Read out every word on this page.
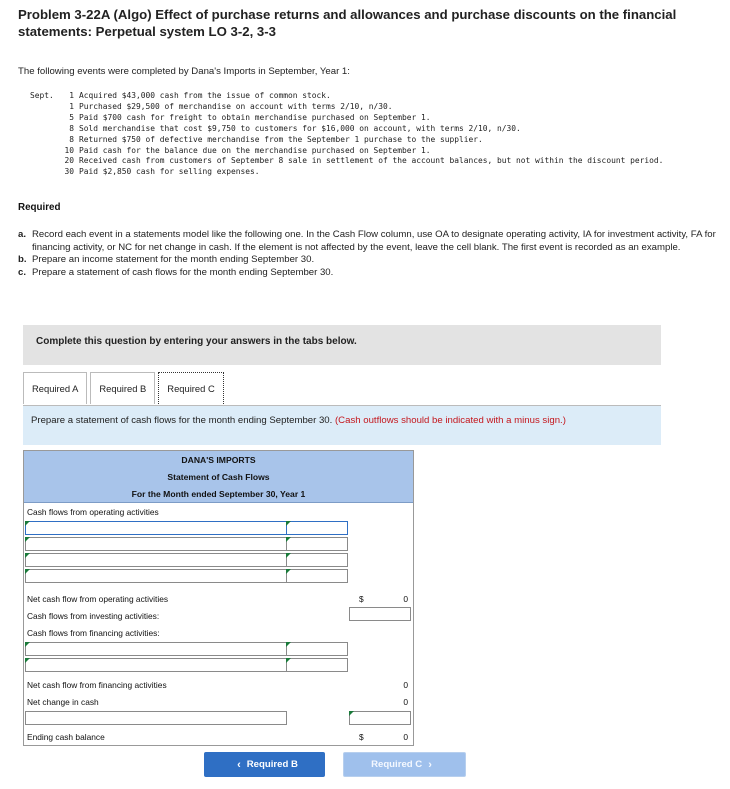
Problem 3-22A (Algo) Effect of purchase returns and allowances and purchase discounts on the financial statements: Perpetual system LO 3-2, 3-3
The following events were completed by Dana's Imports in September, Year 1:
Sept.	1 Acquired $43,000 cash from the issue of common stock.
1 Purchased $29,500 of merchandise on account with terms 2/10, n/30.
5 Paid $700 cash for freight to obtain merchandise purchased on September 1.
8 Sold merchandise that cost $9,750 to customers for $16,000 on account, with terms 2/10, n/30.
8 Returned $750 of defective merchandise from the September 1 purchase to the supplier.
10 Paid cash for the balance due on the merchandise purchased on September 1.
20 Received cash from customers of September 8 sale in settlement of the account balances, but not within the discount period.
30 Paid $2,850 cash for selling expenses.
Required
a. Record each event in a statements model like the following one. In the Cash Flow column, use OA to designate operating activity, IA for investment activity, FA for financing activity, or NC for net change in cash. If the element is not affected by the event, leave the cell blank. The first event is recorded as an example.
b. Prepare an income statement for the month ending September 30.
c. Prepare a statement of cash flows for the month ending September 30.
Complete this question by entering your answers in the tabs below.
Required A	Required B	Required C
Prepare a statement of cash flows for the month ending September 30. (Cash outflows should be indicated with a minus sign.)
DANA'S IMPORTS
Statement of Cash Flows
For the Month ended September 30, Year 1
Cash flows from operating activities
Net cash flow from operating activities	$	0
Cash flows from investing activities:
Cash flows from financing activities:
Net cash flow from financing activities	0
Net change in cash	0
Ending cash balance	$	0
‹ Required B	Required C ›
